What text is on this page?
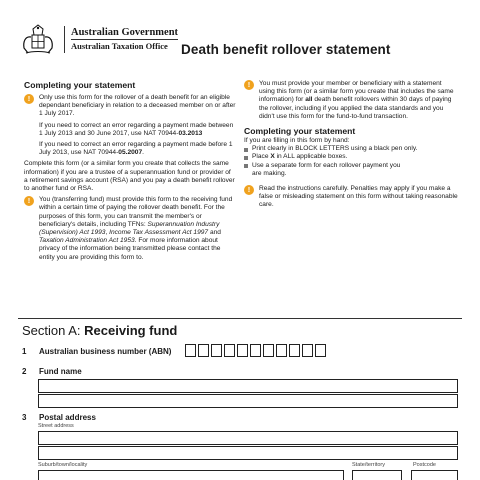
Australian Government
Australian Taxation Office Death benefit rollover statement
Completing your statement
!	Only use this form for the rollover of a death benefit for an eligible dependant beneficiary in relation to a deceased member on or after 1 July 2017.
If you need to correct an error regarding a payment made between 1 July 2013 and 30 June 2017, use NAT 70944-03.2013
If you need to correct an error regarding a payment made before 1 July 2013, use NAT 70944-05.2007.
Complete this form (or a similar form you create that collects the same information) if you are a trustee of a superannuation fund or provider of a retirement savings account (RSA) and you pay a death benefit rollover to another fund or RSA.
!	You (transferring fund) must provide this form to the receiving fund within a certain time of paying the rollover death benefit. For the purposes of this form, you can transmit the member's or beneficiary's details, including TFNs: Superannuation Industry (Supervision) Act 1993, Income Tax Assessment Act 1997 and Taxation Administration Act 1953. For more information about privacy of the information being transmitted please contact the entity you are providing this form to.
!	You must provide your member or beneficiary with a statement using this form (or a similar form you create that includes the same information) for all death benefit rollovers within 30 days of paying the rollover, including if you applied the data standards and you didn't use this form for the fund-to-fund transaction.
Completing your statement
If you are filling in this form by hand:
Print clearly in BLOCK LETTERS using a black pen only.
Place X in ALL applicable boxes.
Use a separate form for each rollover payment you
are making.
!	Read the instructions carefully. Penalties may apply if you make a false or misleading statement on this form without taking reasonable care.
Section A: Receiving fund
1 Australian business number (ABN)
2 Fund name
3 Postal address
Street address
Suburb/town/locality	State/territory	Postcode
